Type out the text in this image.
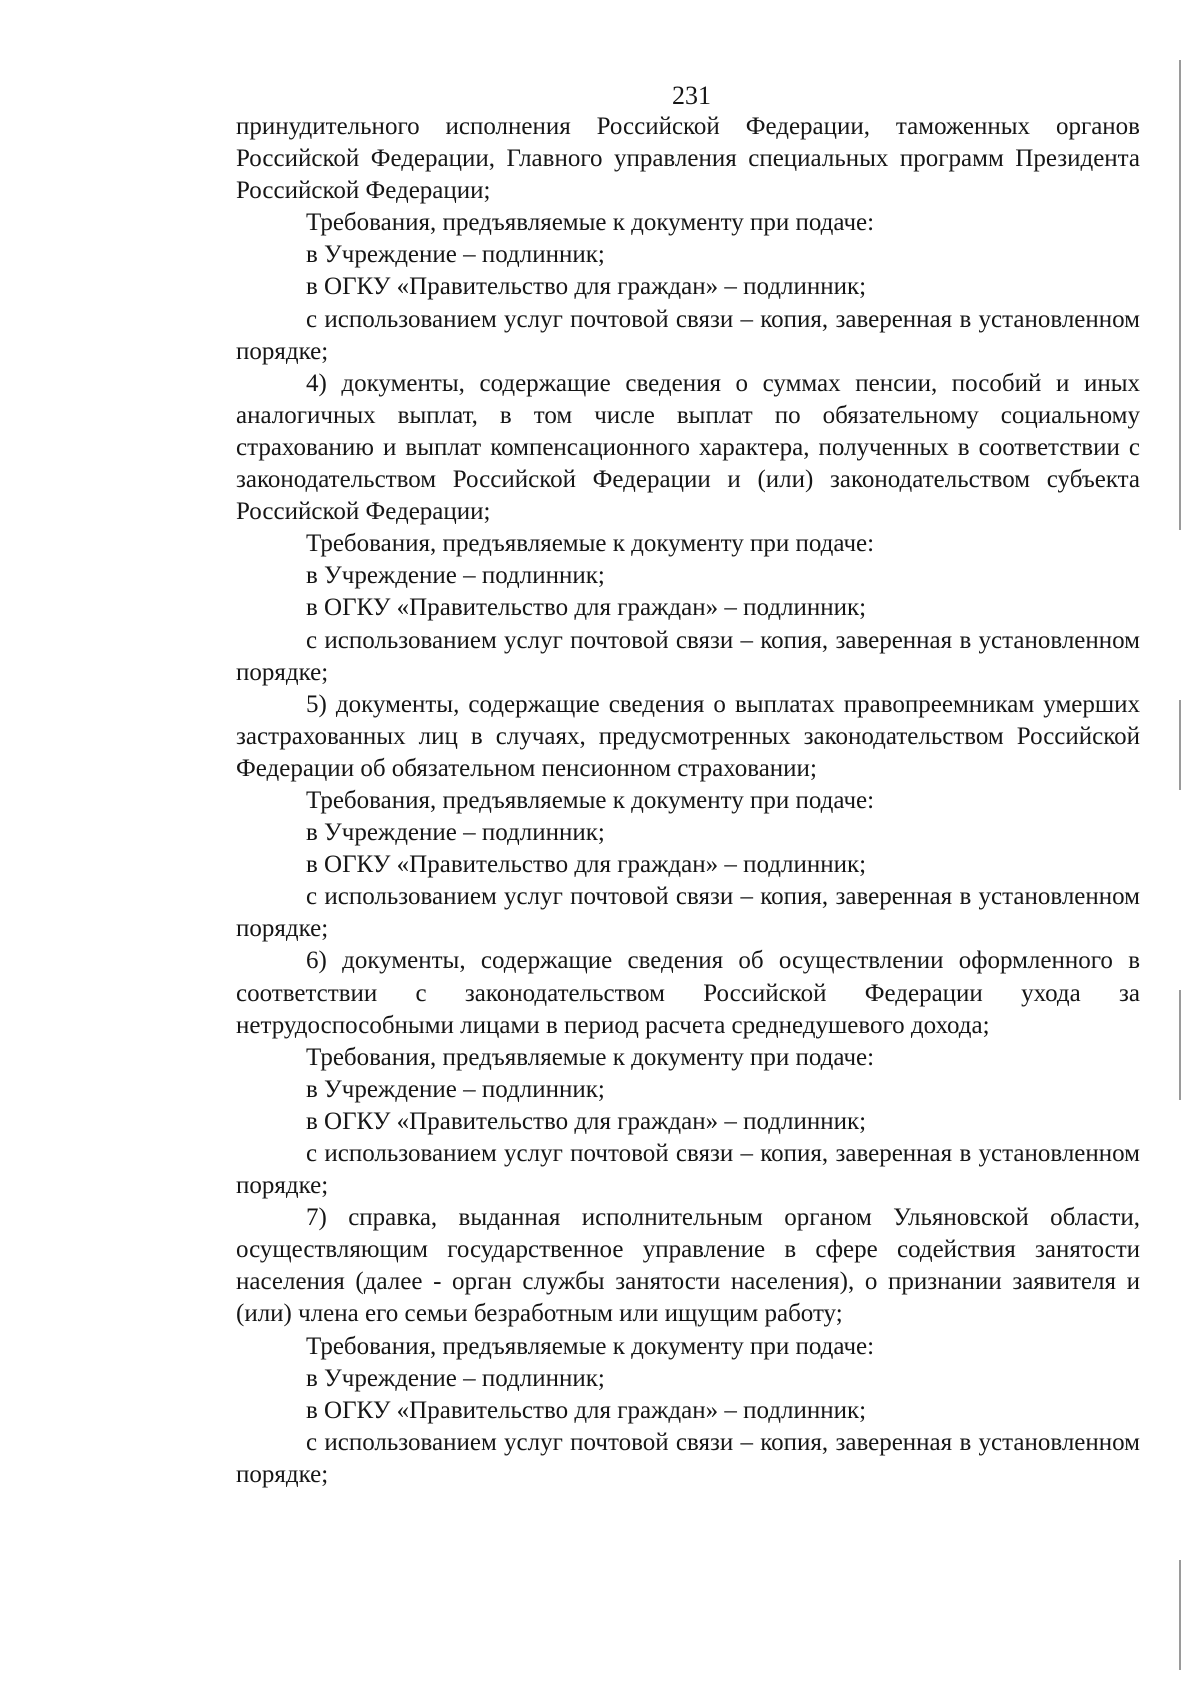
231

принудительного исполнения Российской Федерации, таможенных органов Российской Федерации, Главного управления специальных программ Президента Российской Федерации;

Требования, предъявляемые к документу при подаче:

в Учреждение – подлинник;

в ОГКУ «Правительство для граждан» – подлинник;

с использованием услуг почтовой связи – копия, заверенная в установленном порядке;

4) документы, содержащие сведения о суммах пенсии, пособий и иных аналогичных выплат, в том числе выплат по обязательному социальному страхованию и выплат компенсационного характера, полученных в соответствии с законодательством Российской Федерации и (или) законодательством субъекта Российской Федерации;

Требования, предъявляемые к документу при подаче:

в Учреждение – подлинник;

в ОГКУ «Правительство для граждан» – подлинник;

с использованием услуг почтовой связи – копия, заверенная в установленном порядке;

5) документы, содержащие сведения о выплатах правопреемникам умерших застрахованных лиц в случаях, предусмотренных законодательством Российской Федерации об обязательном пенсионном страховании;

Требования, предъявляемые к документу при подаче:

в Учреждение – подлинник;

в ОГКУ «Правительство для граждан» – подлинник;

с использованием услуг почтовой связи – копия, заверенная в установленном порядке;

6) документы, содержащие сведения об осуществлении оформленного в соответствии с законодательством Российской Федерации ухода за нетрудоспособными лицами в период расчета среднедушевого дохода;

Требования, предъявляемые к документу при подаче:

в Учреждение – подлинник;

в ОГКУ «Правительство для граждан» – подлинник;

с использованием услуг почтовой связи – копия, заверенная в установленном порядке;

7) справка, выданная исполнительным органом Ульяновской области, осуществляющим государственное управление в сфере содействия занятости населения (далее - орган службы занятости населения), о признании заявителя и (или) члена его семьи безработным или ищущим работу;

Требования, предъявляемые к документу при подаче:

в Учреждение – подлинник;

в ОГКУ «Правительство для граждан» – подлинник;

с использованием услуг почтовой связи – копия, заверенная в установленном порядке;
